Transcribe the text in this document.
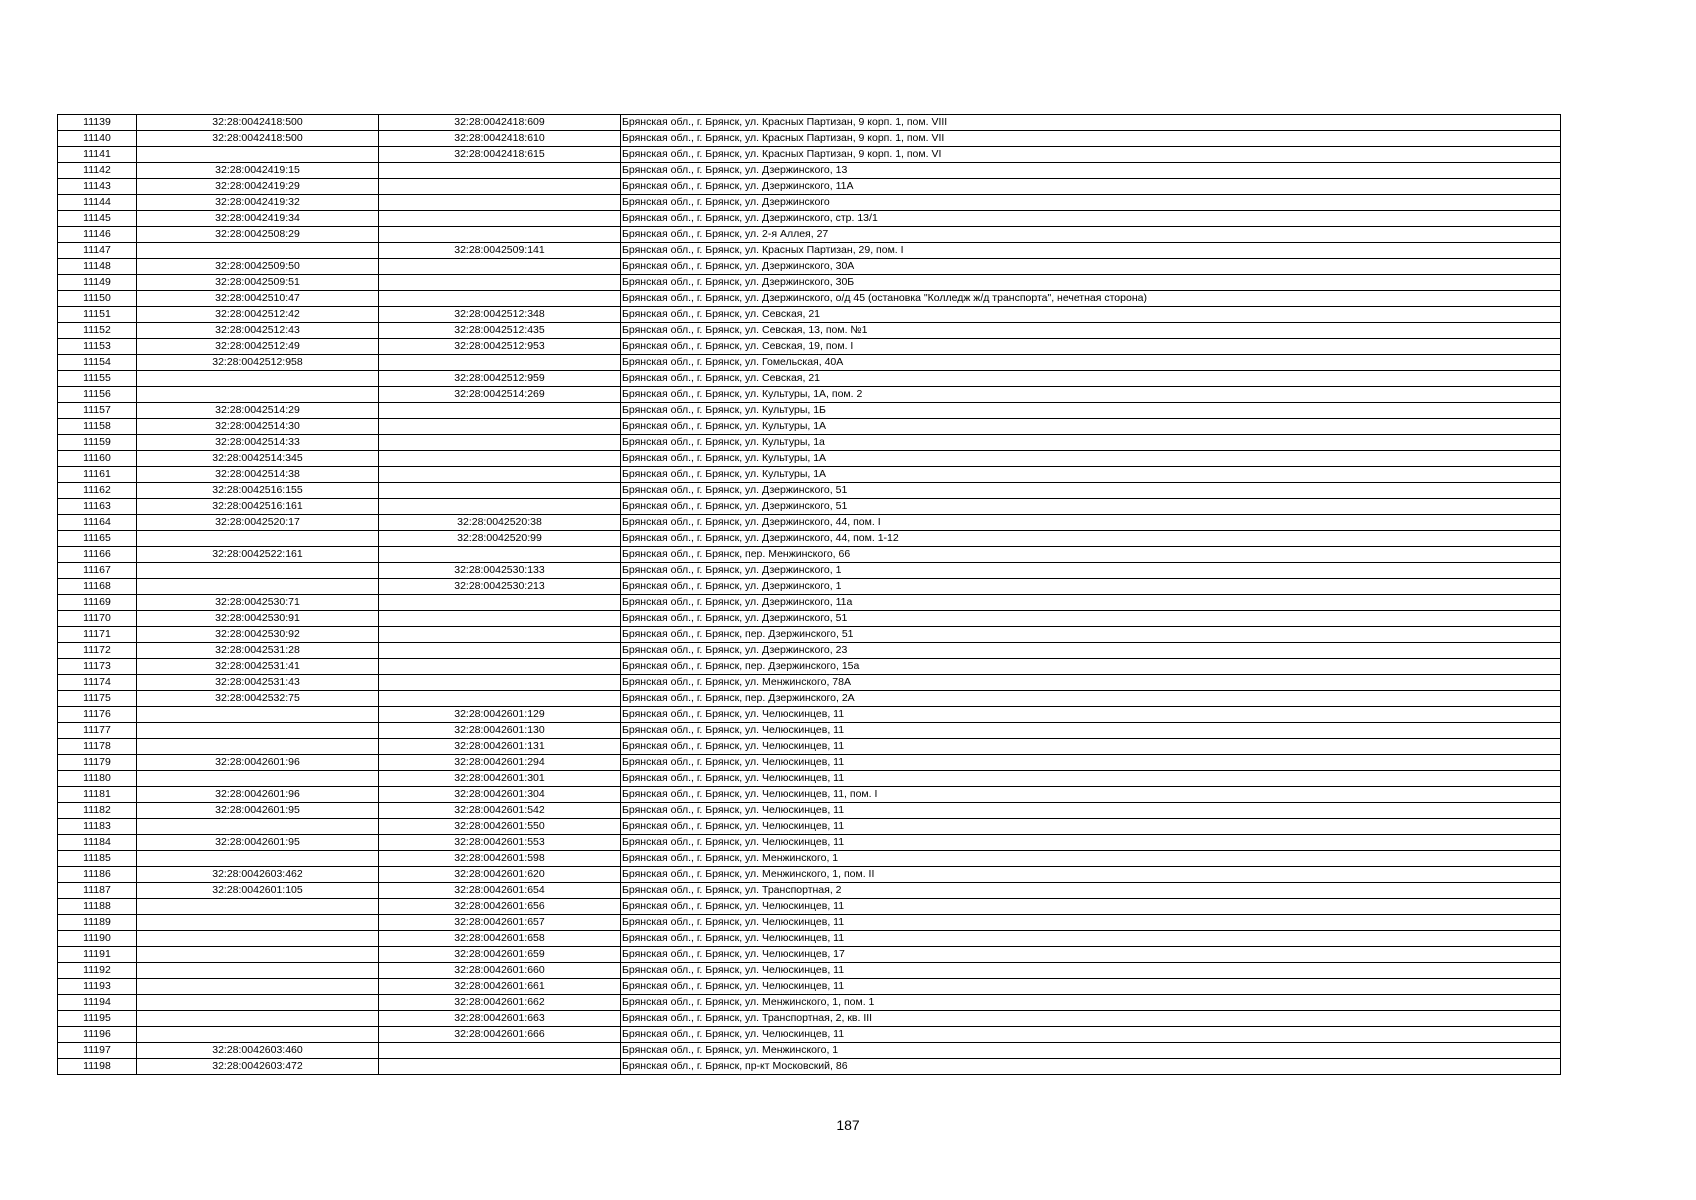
11139	32:28:0042418:500	32:28:0042418:609	Брянская обл., г. Брянск, ул. Красных Партизан, 9 корп. 1, пом. VIII
11140	32:28:0042418:500	32:28:0042418:610	Брянская обл., г. Брянск, ул. Красных Партизан, 9 корп. 1, пом. VII
11141		32:28:0042418:615	Брянская обл., г. Брянск, ул. Красных Партизан, 9 корп. 1, пом. VI
11142	32:28:0042419:15		Брянская обл., г. Брянск, ул. Дзержинского, 13
11143	32:28:0042419:29		Брянская обл., г. Брянск, ул. Дзержинского, 11А
11144	32:28:0042419:32		Брянская обл., г. Брянск, ул. Дзержинского
11145	32:28:0042419:34		Брянская обл., г. Брянск, ул. Дзержинского, стр. 13/1
11146	32:28:0042508:29		Брянская обл., г. Брянск, ул. 2-я Аллея, 27
11147		32:28:0042509:141	Брянская обл., г. Брянск, ул. Красных Партизан, 29, пом. I
11148	32:28:0042509:50		Брянская обл., г. Брянск, ул. Дзержинского, 30А
11149	32:28:0042509:51		Брянская обл., г. Брянск, ул. Дзержинского, 30Б
11150	32:28:0042510:47		Брянская обл., г. Брянск, ул. Дзержинского, о/д 45 (остановка "Колледж ж/д транспорта", нечетная сторона)
11151	32:28:0042512:42	32:28:0042512:348	Брянская обл., г. Брянск, ул. Севская, 21
11152	32:28:0042512:43	32:28:0042512:435	Брянская обл., г. Брянск, ул. Севская, 13, пом. №1
11153	32:28:0042512:49	32:28:0042512:953	Брянская обл., г. Брянск, ул. Севская, 19, пом. I
11154	32:28:0042512:958		Брянская обл., г. Брянск, ул. Гомельская, 40А
11155		32:28:0042512:959	Брянская обл., г. Брянск, ул. Севская, 21
11156		32:28:0042514:269	Брянская обл., г. Брянск, ул. Культуры, 1А, пом. 2
11157	32:28:0042514:29		Брянская обл., г. Брянск, ул. Культуры, 1Б
11158	32:28:0042514:30		Брянская обл., г. Брянск, ул. Культуры, 1А
11159	32:28:0042514:33		Брянская обл., г. Брянск, ул. Культуры, 1а
11160	32:28:0042514:345		Брянская обл., г. Брянск, ул. Культуры, 1А
11161	32:28:0042514:38		Брянская обл., г. Брянск, ул. Культуры, 1А
11162	32:28:0042516:155		Брянская обл., г. Брянск, ул. Дзержинского, 51
11163	32:28:0042516:161		Брянская обл., г. Брянск, ул. Дзержинского, 51
11164	32:28:0042520:17	32:28:0042520:38	Брянская обл., г. Брянск, ул. Дзержинского, 44, пом. I
11165		32:28:0042520:99	Брянская обл., г. Брянск, ул. Дзержинского, 44, пом. 1-12
11166	32:28:0042522:161		Брянская обл., г. Брянск, пер. Менжинского, 66
11167		32:28:0042530:133	Брянская обл., г. Брянск, ул. Дзержинского, 1
11168		32:28:0042530:213	Брянская обл., г. Брянск, ул. Дзержинского, 1
11169	32:28:0042530:71		Брянская обл., г. Брянск, ул. Дзержинского, 11а
11170	32:28:0042530:91		Брянская обл., г. Брянск, ул. Дзержинского, 51
11171	32:28:0042530:92		Брянская обл., г. Брянск, пер. Дзержинского, 51
11172	32:28:0042531:28		Брянская обл., г. Брянск, ул. Дзержинского, 23
11173	32:28:0042531:41		Брянская обл., г. Брянск, пер. Дзержинского, 15а
11174	32:28:0042531:43		Брянская обл., г. Брянск, ул. Менжинского, 78А
11175	32:28:0042532:75		Брянская обл., г. Брянск, пер. Дзержинского, 2А
11176		32:28:0042601:129	Брянская обл., г. Брянск, ул. Челюскинцев, 11
11177		32:28:0042601:130	Брянская обл., г. Брянск, ул. Челюскинцев, 11
11178		32:28:0042601:131	Брянская обл., г. Брянск, ул. Челюскинцев, 11
11179	32:28:0042601:96	32:28:0042601:294	Брянская обл., г. Брянск, ул. Челюскинцев, 11
11180		32:28:0042601:301	Брянская обл., г. Брянск, ул. Челюскинцев, 11
11181	32:28:0042601:96	32:28:0042601:304	Брянская обл., г. Брянск, ул. Челюскинцев, 11, пом. I
11182	32:28:0042601:95	32:28:0042601:542	Брянская обл., г. Брянск, ул. Челюскинцев, 11
11183		32:28:0042601:550	Брянская обл., г. Брянск, ул. Челюскинцев, 11
11184	32:28:0042601:95	32:28:0042601:553	Брянская обл., г. Брянск, ул. Челюскинцев, 11
11185		32:28:0042601:598	Брянская обл., г. Брянск, ул. Менжинского, 1
11186	32:28:0042603:462	32:28:0042601:620	Брянская обл., г. Брянск, ул. Менжинского, 1, пом. II
11187	32:28:0042601:105	32:28:0042601:654	Брянская обл., г. Брянск, ул. Транспортная, 2
11188		32:28:0042601:656	Брянская обл., г. Брянск, ул. Челюскинцев, 11
11189		32:28:0042601:657	Брянская обл., г. Брянск, ул. Челюскинцев, 11
11190		32:28:0042601:658	Брянская обл., г. Брянск, ул. Челюскинцев, 11
11191		32:28:0042601:659	Брянская обл., г. Брянск, ул. Челюскинцев, 17
11192		32:28:0042601:660	Брянская обл., г. Брянск, ул. Челюскинцев, 11
11193		32:28:0042601:661	Брянская обл., г. Брянск, ул. Челюскинцев, 11
11194		32:28:0042601:662	Брянская обл., г. Брянск, ул. Менжинского, 1, пом. 1
11195		32:28:0042601:663	Брянская обл., г. Брянск, ул. Транспортная, 2, кв. III
11196		32:28:0042601:666	Брянская обл., г. Брянск, ул. Челюскинцев, 11
11197	32:28:0042603:460		Брянская обл., г. Брянск, ул. Менжинского, 1
11198	32:28:0042603:472		Брянская обл., г. Брянск, пр-кт Московский, 86
187
